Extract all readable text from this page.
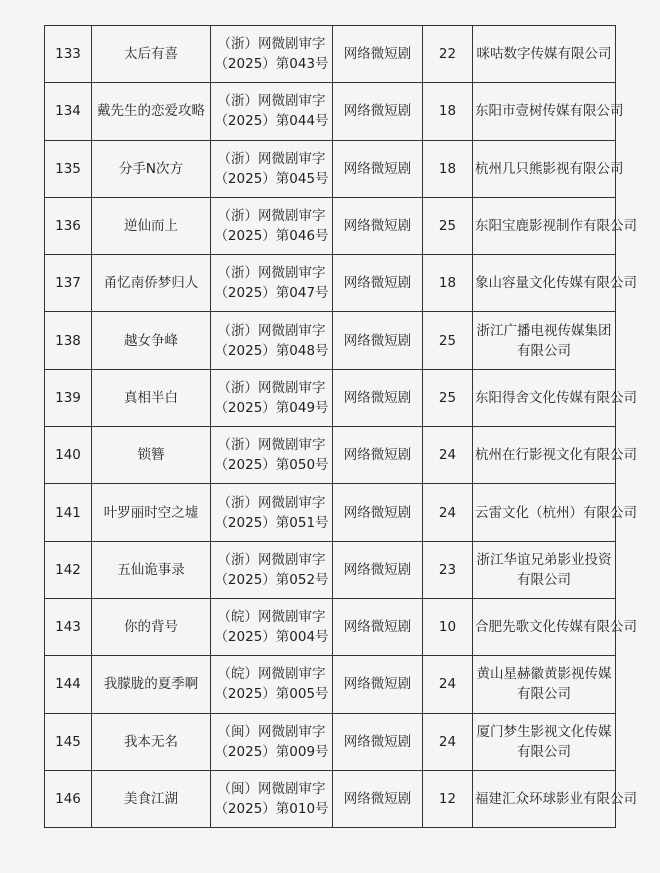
133	太后有喜	（浙）网微剧审字
（2025）第043号	网络微短剧	22	咪咕数字传媒有限公司

134	戴先生的恋爱攻略	（浙）网微剧审字
（2025）第044号	网络微短剧	18	东阳市壹树传媒有限公司

135	分手N次方	（浙）网微剧审字
（2025）第045号	网络微短剧	18	杭州几只熊影视有限公司

136	逆仙而上	（浙）网微剧审字
（2025）第046号	网络微短剧	25	东阳宝鹿影视制作有限公司

137	甬忆南侨梦归人	（浙）网微剧审字
（2025）第047号	网络微短剧	18	象山容量文化传媒有限公司

138	越女争峰	（浙）网微剧审字
（2025）第048号	网络微短剧	25	浙江广播电视传媒集团
有限公司

139	真相半白	（浙）网微剧审字
（2025）第049号	网络微短剧	25	东阳得舍文化传媒有限公司

140	锁簪	（浙）网微剧审字
（2025）第050号	网络微短剧	24	杭州在行影视文化有限公司

141	叶罗丽时空之墟	（浙）网微剧审字
（2025）第051号	网络微短剧	24	云雷文化（杭州）有限公司

142	五仙诡事录	（浙）网微剧审字
（2025）第052号	网络微短剧	23	浙江华谊兄弟影业投资
有限公司

143	你的背号	（皖）网微剧审字
（2025）第004号	网络微短剧	10	合肥先歌文化传媒有限公司

144	我朦胧的夏季啊	（皖）网微剧审字
（2025）第005号	网络微短剧	24	黄山星赫徽黄影视传媒
有限公司

145	我本无名	（闽）网微剧审字
（2025）第009号	网络微短剧	24	厦门梦生影视文化传媒
有限公司

146	美食江湖	（闽）网微剧审字
（2025）第010号	网络微短剧	12	福建汇众环球影业有限公司
